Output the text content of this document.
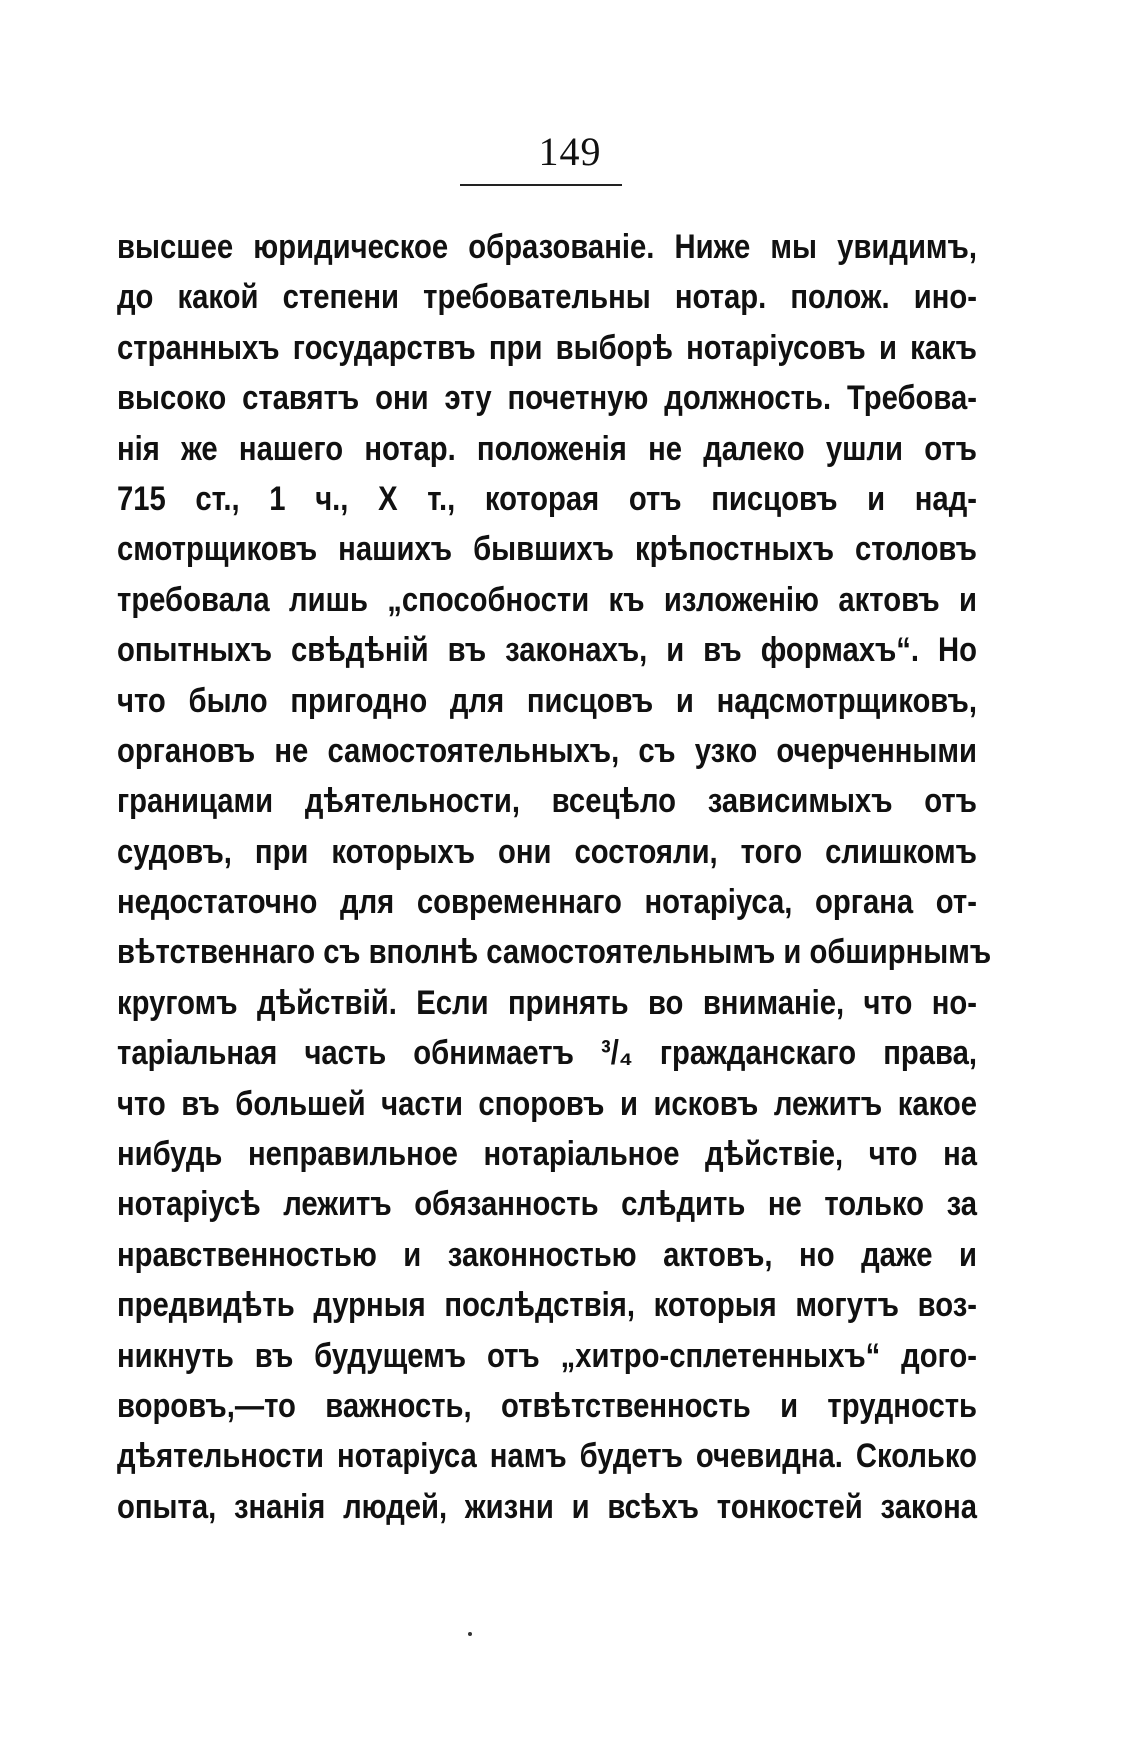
149
высшее юридическое образованіе. Ниже мы увидимъ,
до какой степени требовательны нотар. полож. ино-
странныхъ государствъ при выборѣ нотаріусовъ и какъ
высоко ставятъ они эту почетную должность. Требова-
нія же нашего нотар. положенія не далеко ушли отъ
715 ст., 1 ч., X т., которая отъ писцовъ и над-
смотрщиковъ нашихъ бывшихъ крѣпостныхъ столовъ
требовала лишь „способности къ изложенію актовъ и
опытныхъ свѣдѣній въ законахъ, и въ формахъ“. Но
что было пригодно для писцовъ и надсмотрщиковъ,
органовъ не самостоятельныхъ, съ узко очерченными
границами дѣятельности, всецѣло зависимыхъ отъ
судовъ, при которыхъ они состояли, того слишкомъ
недостаточно для современнаго нотаріуса, органа от-
вѣтственнаго съ вполнѣ самостоятельнымъ и обширнымъ
кругомъ дѣйствій. Если принять во вниманіе, что но-
таріальная часть обнимаетъ ³/₄ гражданскаго права,
что въ большей части споровъ и исковъ лежитъ какое
нибудь неправильное нотаріальное дѣйствіе, что на
нотаріусѣ лежитъ обязанность слѣдить не только за
нравственностью и законностью актовъ, но даже и
предвидѣть дурныя послѣдствія, которыя могутъ воз-
никнуть въ будущемъ отъ „хитро-сплетенныхъ“ дого-
воровъ,—то важность, отвѣтственность и трудность
дѣятельности нотаріуса намъ будетъ очевидна. Сколько
опыта, знанія людей, жизни и всѣхъ тонкостей закона
